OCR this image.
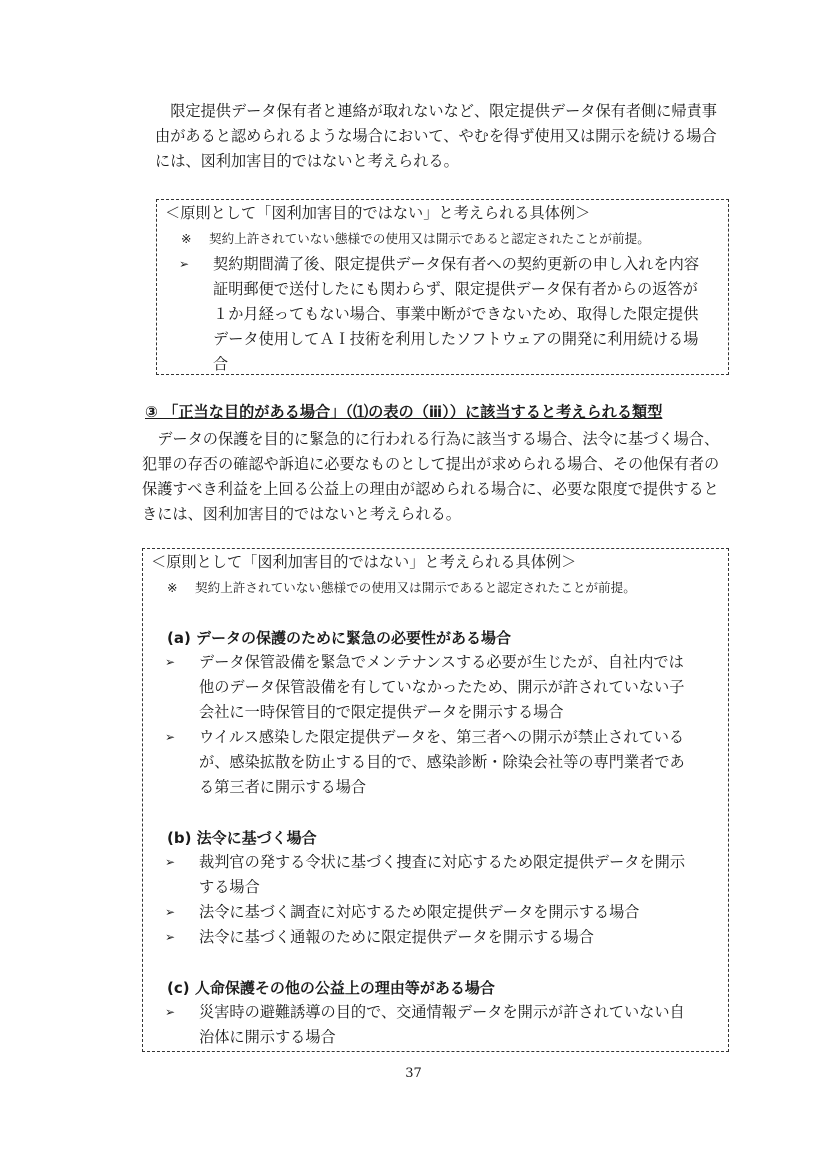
限定提供データ保有者と連絡が取れないなど、限定提供データ保有者側に帰責事由があると認められるような場合において、やむを得ず使用又は開示を続ける場合には、図利加害目的ではないと考えられる。

＜原則として「図利加害目的ではない」と考えられる具体例＞
※ 契約上許されていない態様での使用又は開示であると認定されたことが前提。
➢	契約期間満了後、限定提供データ保有者への契約更新の申し入れを内容証明郵便で送付したにも関わらず、限定提供データ保有者からの返答が１か月経ってもない場合、事業中断ができないため、取得した限定提供データ使用してＡＩ技術を利用したソフトウェアの開発に利用続ける場合
③ 「正当な目的がある場合」（⑴の表の（ⅲ））に該当すると考えられる類型

データの保護を目的に緊急的に行われる行為に該当する場合、法令に基づく場合、犯罪の存否の確認や訴追に必要なものとして提出が求められる場合、その他保有者の保護すべき利益を上回る公益上の理由が認められる場合に、必要な限度で提供するときには、図利加害目的ではないと考えられる。

＜原則として「図利加害目的ではない」と考えられる具体例＞
※ 契約上許されていない態様での使用又は開示であると認定されたことが前提。
(a) データの保護のために緊急の必要性がある場合
➢	データ保管設備を緊急でメンテナンスする必要が生じたが、自社内では他のデータ保管設備を有していなかったため、開示が許されていない子会社に一時保管目的で限定提供データを開示する場合
➢	ウイルス感染した限定提供データを、第三者への開示が禁止されているが、感染拡散を防止する目的で、感染診断・除染会社等の専門業者である第三者に開示する場合
(b) 法令に基づく場合
➢	裁判官の発する令状に基づく捜査に対応するため限定提供データを開示する場合
➢	法令に基づく調査に対応するため限定提供データを開示する場合
➢	法令に基づく通報のために限定提供データを開示する場合
(c) 人命保護その他の公益上の理由等がある場合
➢	災害時の避難誘導の目的で、交通情報データを開示が許されていない自治体に開示する場合
37
